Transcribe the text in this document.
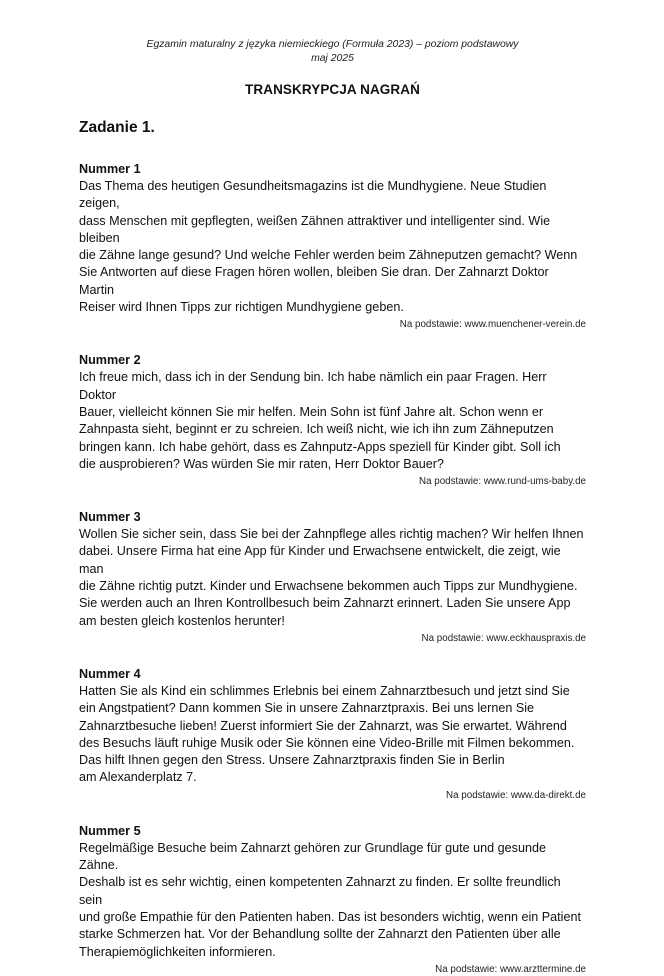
Egzamin maturalny z języka niemieckiego (Formuła 2023) – poziom podstawowy
maj 2025
TRANSKRYPCJA NAGRAŃ
Zadanie 1.
Nummer 1
Das Thema des heutigen Gesundheitsmagazins ist die Mundhygiene. Neue Studien zeigen,
dass Menschen mit gepflegten, weißen Zähnen attraktiver und intelligenter sind. Wie bleiben
die Zähne lange gesund? Und welche Fehler werden beim Zähneputzen gemacht? Wenn
Sie Antworten auf diese Fragen hören wollen, bleiben Sie dran. Der Zahnarzt Doktor Martin
Reiser wird Ihnen Tipps zur richtigen Mundhygiene geben.
Na podstawie: www.muenchener-verein.de
Nummer 2
Ich freue mich, dass ich in der Sendung bin. Ich habe nämlich ein paar Fragen. Herr Doktor
Bauer, vielleicht können Sie mir helfen. Mein Sohn ist fünf Jahre alt. Schon wenn er
Zahnpasta sieht, beginnt er zu schreien. Ich weiß nicht, wie ich ihn zum Zähneputzen
bringen kann. Ich habe gehört, dass es Zahnputz-Apps speziell für Kinder gibt. Soll ich
die ausprobieren? Was würden Sie mir raten, Herr Doktor Bauer?
Na podstawie: www.rund-ums-baby.de
Nummer 3
Wollen Sie sicher sein, dass Sie bei der Zahnpflege alles richtig machen? Wir helfen Ihnen
dabei. Unsere Firma hat eine App für Kinder und Erwachsene entwickelt, die zeigt, wie man
die Zähne richtig putzt. Kinder und Erwachsene bekommen auch Tipps zur Mundhygiene.
Sie werden auch an Ihren Kontrollbesuch beim Zahnarzt erinnert. Laden Sie unsere App
am besten gleich kostenlos herunter!
Na podstawie: www.eckhauspraxis.de
Nummer 4
Hatten Sie als Kind ein schlimmes Erlebnis bei einem Zahnarztbesuch und jetzt sind Sie
ein Angstpatient? Dann kommen Sie in unsere Zahnarztpraxis. Bei uns lernen Sie
Zahnarztbesuche lieben! Zuerst informiert Sie der Zahnarzt, was Sie erwartet. Während
des Besuchs läuft ruhige Musik oder Sie können eine Video-Brille mit Filmen bekommen.
Das hilft Ihnen gegen den Stress. Unsere Zahnarztpraxis finden Sie in Berlin
am Alexanderplatz 7.
Na podstawie: www.da-direkt.de
Nummer 5
Regelmäßige Besuche beim Zahnarzt gehören zur Grundlage für gute und gesunde Zähne.
Deshalb ist es sehr wichtig, einen kompetenten Zahnarzt zu finden. Er sollte freundlich sein
und große Empathie für den Patienten haben. Das ist besonders wichtig, wenn ein Patient
starke Schmerzen hat. Vor der Behandlung sollte der Zahnarzt den Patienten über alle
Therapiemöglichkeiten informieren.
Na podstawie: www.arzttermine.de
